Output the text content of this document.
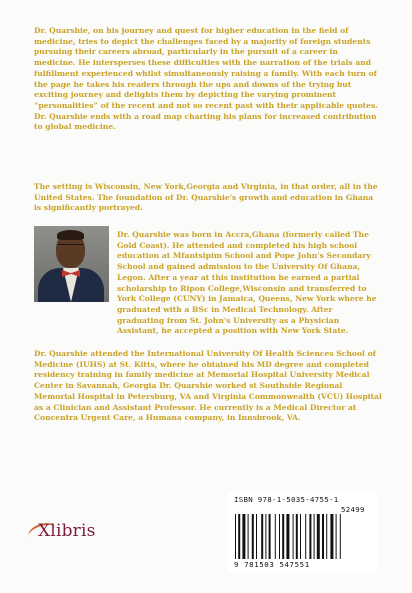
Dr. Quarshie, on his journey and quest for higher education in the field of medicine, tries to depict the challenges faced by a majority of foreign students pursuing their careers abroad, particularly in the pursuit of a career in medicine. He intersperses these difficulties with the narration of the trials and fulfillment experienced whilst simultaneously raising a family. With each turn of the page he takes his readers through the ups and downs of the trying but exciting journey and delights them by depicting the varying prominent “personalities” of the recent and not so recent past with their applicable quotes. Dr. Quarshie ends with a road map charting his plans for increased contribution to global medicine.

The setting is Wisconsin, New York,Georgia and Virginia, in that order, all in the United States. The foundation of Dr. Quarshie's growth and education in Ghana is significantly portrayed.

Dr. Quarshie was born in Accra,Ghana (formerly called The Gold Coast). He attended and completed his high school education at Mfantsipim School and Pope John's Secondary School and gained admission to the University Of Ghana, Legon. After a year at this institution he earned a partial scholarship to Ripon College,Wisconsin and transferred to York College (CUNY) in Jamaica, Queens, New York where he graduated with a BSc in Medical Technology. After graduating from St. John's University as a Physician Assistant, he accepted a position with New York State.

Dr. Quarshie attended the International University Of Health Sciences School of Medicine (IUHS) at St. Kitts, where he obtained his MD degree and completed residency training in family medicine at Memorial Hospital University Medical Center in Savannah, Georgia Dr. Quarshie worked st Southside Regional Memorial Hospital in Petersburg, VA and Virginia Commonwealth (VCU) Hospital as a Clinician and Assistant Professor. He currently is a Medical Director at Concentra Urgent Care, a Humana company, in Innsbrook, VA.

Xlibris

ISBN 978-1-5035-4755-1

52499

9 781503 547551
